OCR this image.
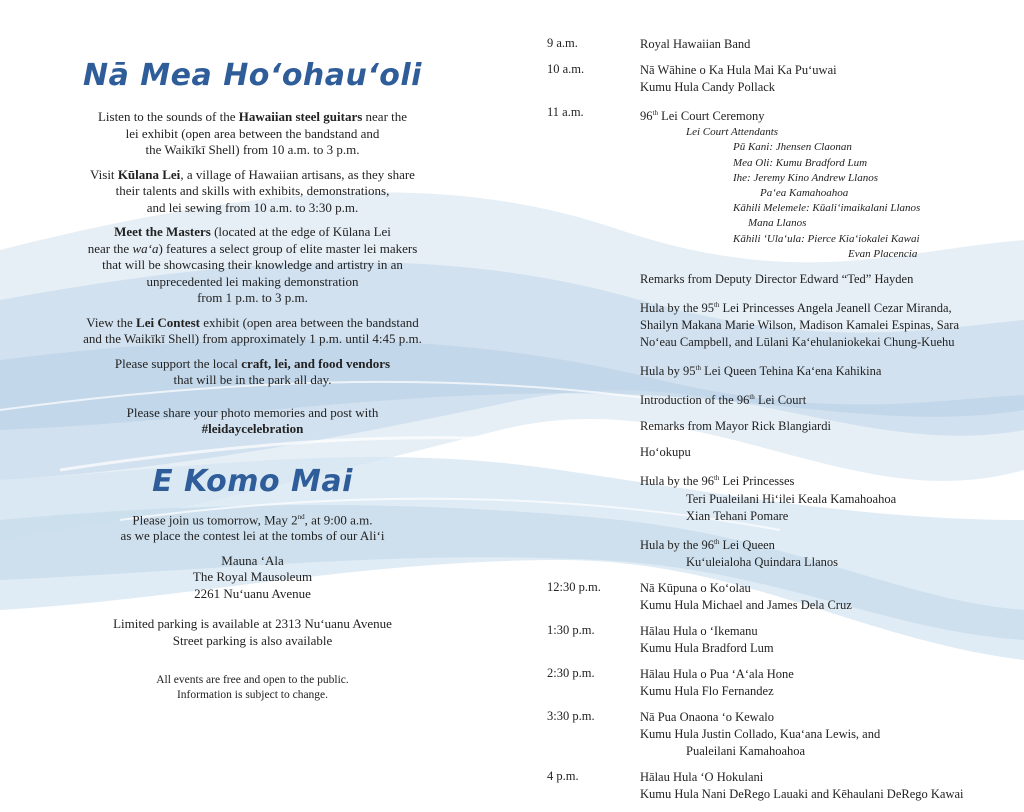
Nā Mea Ho‘ohau‘oli

Listen to the sounds of the Hawaiian steel guitars near the
lei exhibit (open area between the bandstand and
the Waikīkī Shell) from 10 a.m. to 3 p.m.

Visit Kūlana Lei, a village of Hawaiian artisans, as they share
their talents and skills with exhibits, demonstrations,
and lei sewing from 10 a.m. to 3:30 p.m.

Meet the Masters (located at the edge of Kūlana Lei
near the wa‘a) features a select group of elite master lei makers
that will be showcasing their knowledge and artistry in an
unprecedented lei making demonstration
from 1 p.m. to 3 p.m.

View the Lei Contest exhibit (open area between the bandstand
and the Waikīkī Shell) from approximately 1 p.m. until 4:45 p.m.

Please support the local craft, lei, and food vendors
that will be in the park all day.

Please share your photo memories and post with
#leidaycelebration

E Komo Mai

Please join us tomorrow, May 2nd, at 9:00 a.m.
as we place the contest lei at the tombs of our Ali‘i

Mauna ‘Ala
The Royal Mausoleum
2261 Nu‘uanu Avenue
Limited parking is available at 2313 Nu‘uanu Avenue
Street parking is also available
All events are free and open to the public.
Information is subject to change.
9 a.m.	Royal Hawaiian Band
10 a.m.	Nā Wāhine o Ka Hula Mai Ka Pu‘uwai
Kumu Hula Candy Pollack
11 a.m.	96th Lei Court Ceremony
Lei Court Attendants
Pū Kani: Jhensen Claonan
Mea Oli: Kumu Bradford Lum
Ihe: Jeremy Kino Andrew Llanos
Pa‘ea Kamahoahoa
Kāhili Melemele: Kūali‘imaikalani Llanos
Mana Llanos
Kāhili ‘Ula‘ula: Pierce Kia‘iokalei Kawai
Evan Placencia
Remarks from Deputy Director Edward “Ted” Hayden
Hula by the 95th Lei Princesses Angela Jeanell Cezar Miranda,
Shailyn Makana Marie Wilson, Madison Kamalei Espinas, Sara
No‘eau Campbell, and Lūlani Ka‘ehulaniokekai Chung-Kuehu
Hula by 95th Lei Queen Tehina Ka‘ena Kahikina
Introduction of the 96th Lei Court
Remarks from Mayor Rick Blangiardi
Ho‘okupu
Hula by the 96th Lei Princesses
Teri Pualeilani Hi‘ilei Keala Kamahoahoa
Xian Tehani Pomare
Hula by the 96th Lei Queen
Ku‘uleialoha Quindara Llanos
12:30 p.m.	Nā Kūpuna o Ko‘olau
Kumu Hula Michael and James Dela Cruz
1:30 p.m.	Hālau Hula o ‘Ikemanu
Kumu Hula Bradford Lum
2:30 p.m.	Hālau Hula o Pua ‘A‘ala Hone
Kumu Hula Flo Fernandez
3:30 p.m.	Nā Pua Onaona ‘o Kewalo
Kumu Hula Justin Collado, Kua‘ana Lewis, and
Pualeilani Kamahoahoa
4 p.m.	Hālau Hula ‘O Hokulani
Kumu Hula Nani DeRego Lauaki and Kēhaulani DeRego Kawai
